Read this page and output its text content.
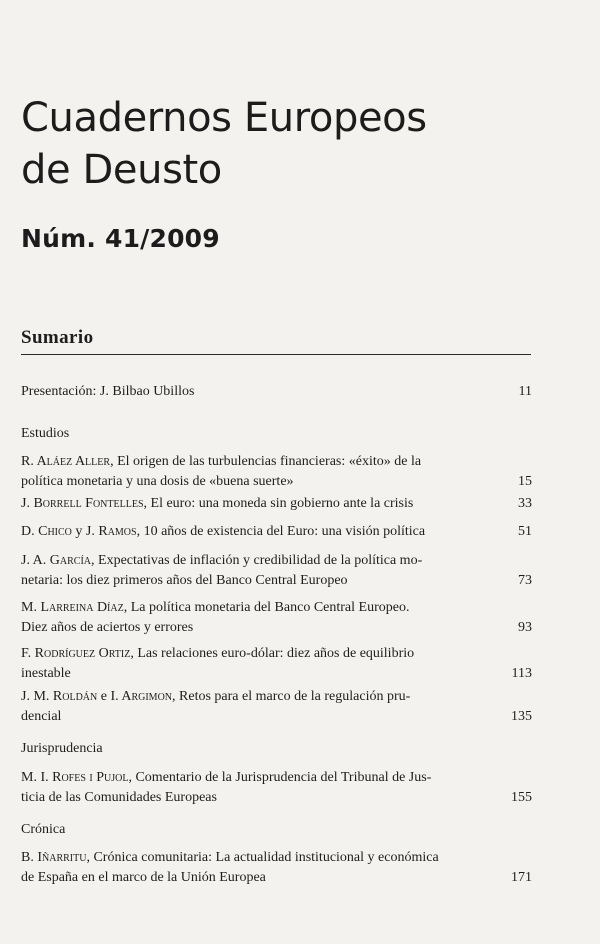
Cuadernos Europeos
de Deusto
Núm. 41/2009
Sumario
Presentación: J. Bilbao Ubillos	11
Estudios
R. Aláez Aller, El origen de las turbulencias financieras: «éxito» de la
política monetaria y una dosis de «buena suerte»	15
J. Borrell Fontelles, El euro: una moneda sin gobierno ante la crisis	33
D. Chico y J. Ramos, 10 años de existencia del Euro: una visión política	51
J. A. García, Expectativas de inflación y credibilidad de la política mo-
netaria: los diez primeros años del Banco Central Europeo	73
M. Larreina Díaz, La política monetaria del Banco Central Europeo.
Diez años de aciertos y errores	93
F. Rodríguez Ortiz, Las relaciones euro-dólar: diez años de equilibrio
inestable	113
J. M. Roldán e I. Argimon, Retos para el marco de la regulación pru-
dencial	135
Jurisprudencia
M. I. Rofes i Pujol, Comentario de la Jurisprudencia del Tribunal de Jus-
ticia de las Comunidades Europeas	155
Crónica
B. Iñarritu, Crónica comunitaria: La actualidad institucional y económica
de España en el marco de la Unión Europea	171
